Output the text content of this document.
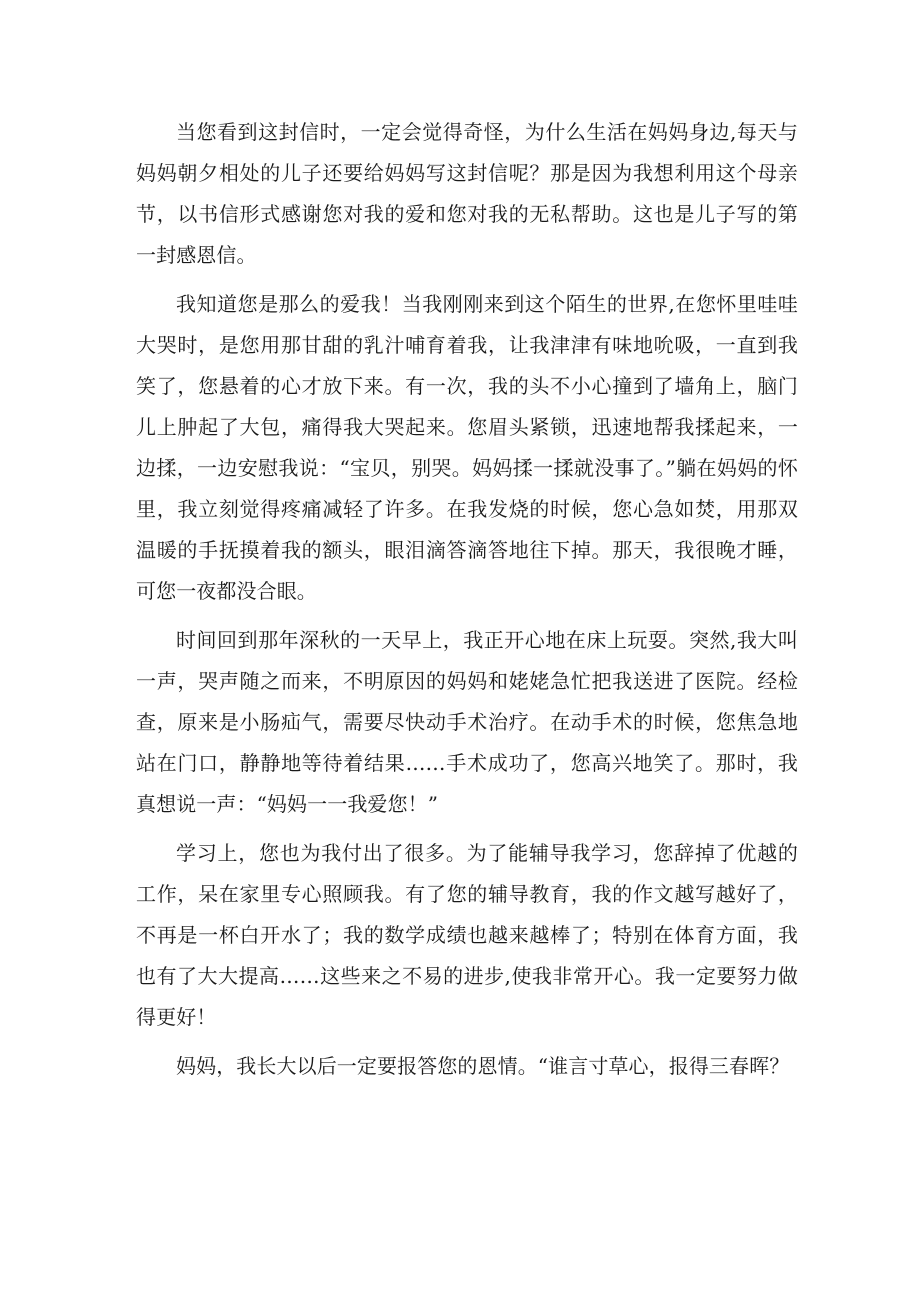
当您看到这封信时，一定会觉得奇怪，为什么生活在妈妈身边,每天与妈妈朝夕相处的儿子还要给妈妈写这封信呢？那是因为我想利用这个母亲节，以书信形式感谢您对我的爱和您对我的无私帮助。这也是儿子写的第一封感恩信。

我知道您是那么的爱我！当我刚刚来到这个陌生的世界,在您怀里哇哇大哭时，是您用那甘甜的乳汁哺育着我，让我津津有味地吮吸，一直到我笑了，您悬着的心才放下来。有一次，我的头不小心撞到了墙角上，脑门儿上肿起了大包，痛得我大哭起来。您眉头紧锁，迅速地帮我揉起来，一边揉，一边安慰我说：“宝贝，别哭。妈妈揉一揉就没事了。”躺在妈妈的怀里，我立刻觉得疼痛减轻了许多。在我发烧的时候，您心急如焚，用那双温暖的手抚摸着我的额头，眼泪滴答滴答地往下掉。那天，我很晚才睡，可您一夜都没合眼。

时间回到那年深秋的一天早上，我正开心地在床上玩耍。突然,我大叫一声，哭声随之而来，不明原因的妈妈和姥姥急忙把我送进了医院。经检查，原来是小肠疝气，需要尽快动手术治疗。在动手术的时候，您焦急地站在门口，静静地等待着结果……手术成功了，您高兴地笑了。那时，我真想说一声：“妈妈一一我爱您！”

学习上，您也为我付出了很多。为了能辅导我学习，您辞掉了优越的工作，呆在家里专心照顾我。有了您的辅导教育，我的作文越写越好了，不再是一杯白开水了；我的数学成绩也越来越棒了；特别在体育方面，我也有了大大提高……这些来之不易的进步,使我非常开心。我一定要努力做得更好！

妈妈，我长大以后一定要报答您的恩情。“谁言寸草心，报得三春晖？
